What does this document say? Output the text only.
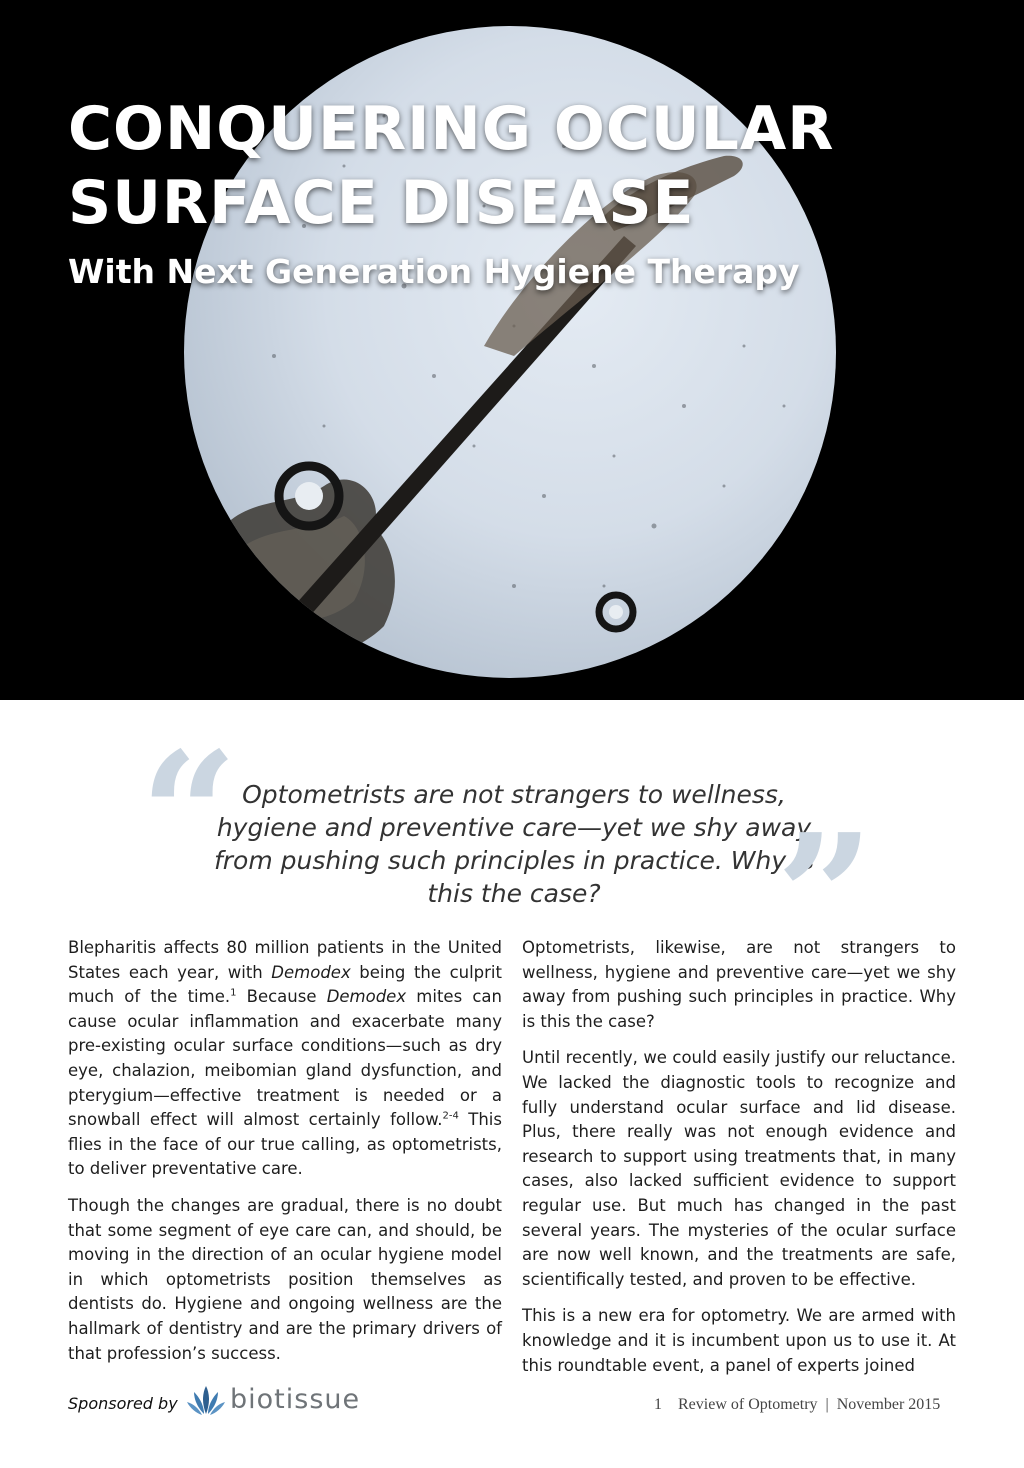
CONQUERING OCULAR
SURFACE DISEASE
With Next Generation Hygiene Therapy
“ Optometrists are not strangers to wellness, hygiene and preventive care—yet we shy away from pushing such principles in practice. Why is this the case?	”

Blepharitis affects 80 million patients in the United States each year, with Demodex being the culprit much of the time.$^1$ Because Demodex mites can cause ocular inflammation and exacerbate many pre-existing ocular surface conditions—such as dry eye, chalazion, meibomian gland dysfunction, and pterygium—effective treatment is needed or a snowball effect will almost certainly follow.$^{2-4}$ This flies in the face of our true calling, as optometrists, to deliver preventative care.

Though the changes are gradual, there is no doubt that some segment of eye care can, and should, be moving in the direction of an ocular hygiene model in which optometrists position themselves as dentists do. Hygiene and ongoing wellness are the hallmark of dentistry and are the primary drivers of that profession’s success.

Optometrists, likewise, are not strangers to wellness, hygiene and preventive care—yet we shy away from pushing such principles in practice. Why is this the case?

Until recently, we could easily justify our reluctance. We lacked the diagnostic tools to recognize and fully understand ocular surface and lid disease. Plus, there really was not enough evidence and research to support using treatments that, in many cases, also lacked sufficient evidence to support regular use. But much has changed in the past several years. The mysteries of the ocular surface are now well known, and the treatments are safe, scientifically tested, and proven to be effective.

This is a new era for optometry. We are armed with knowledge and it is incumbent upon us to use it. At this roundtable event, a panel of experts joined

Sponsored by biotissue	1 Review of Optometry | November 2015
